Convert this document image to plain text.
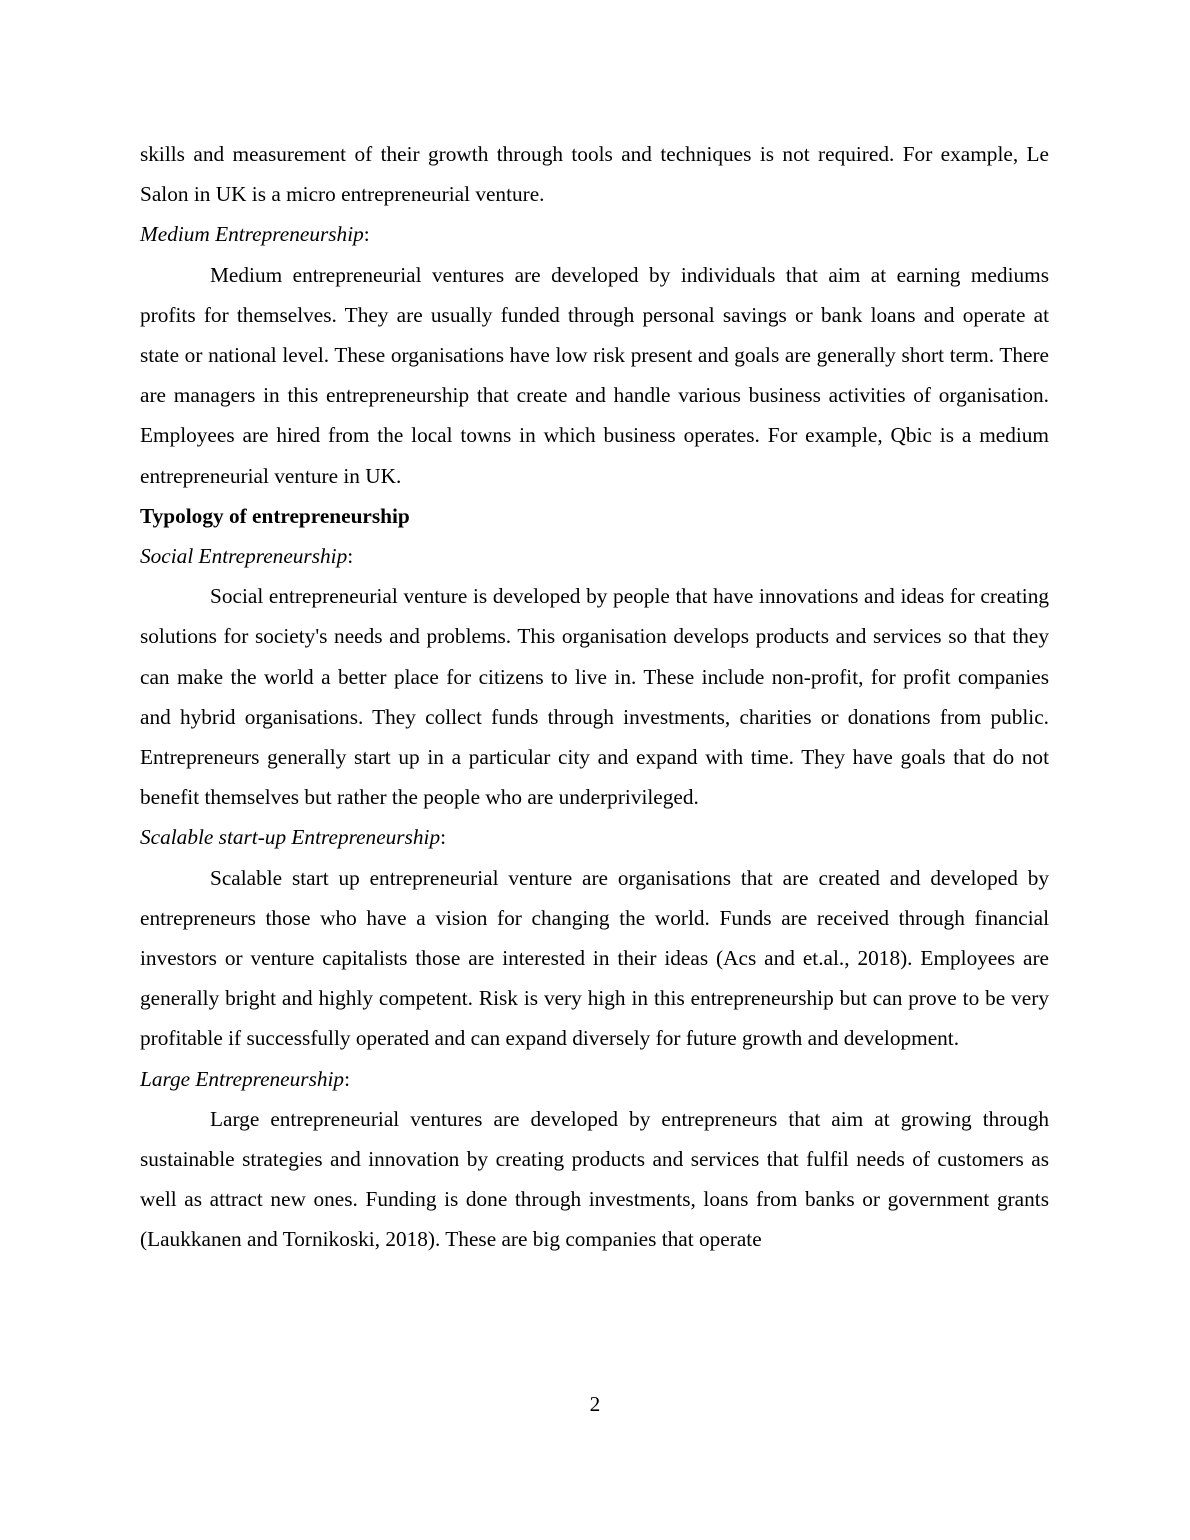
skills and measurement of their growth through tools and techniques is not required. For example, Le Salon in UK is a micro entrepreneurial venture.

Medium Entrepreneurship:

Medium entrepreneurial ventures are developed by individuals that aim at earning mediums profits for themselves. They are usually funded through personal savings or bank loans and operate at state or national level. These organisations have low risk present and goals are generally short term. There are managers in this entrepreneurship that create and handle various business activities of organisation. Employees are hired from the local towns in which business operates. For example, Qbic is a medium entrepreneurial venture in UK.

Typology of entrepreneurship

Social Entrepreneurship:

Social entrepreneurial venture is developed by people that have innovations and ideas for creating solutions for society's needs and problems. This organisation develops products and services so that they can make the world a better place for citizens to live in. These include non-profit, for profit companies and hybrid organisations. They collect funds through investments, charities or donations from public. Entrepreneurs generally start up in a particular city and expand with time. They have goals that do not benefit themselves but rather the people who are underprivileged.

Scalable start-up Entrepreneurship:

Scalable start up entrepreneurial venture are organisations that are created and developed by entrepreneurs those who have a vision for changing the world. Funds are received through financial investors or venture capitalists those are interested in their ideas (Acs and et.al., 2018). Employees are generally bright and highly competent. Risk is very high in this entrepreneurship but can prove to be very profitable if successfully operated and can expand diversely for future growth and development.

Large Entrepreneurship:

Large entrepreneurial ventures are developed by entrepreneurs that aim at growing through sustainable strategies and innovation by creating products and services that fulfil needs of customers as well as attract new ones. Funding is done through investments, loans from banks or government grants (Laukkanen and Tornikoski, 2018). These are big companies that operate

2
